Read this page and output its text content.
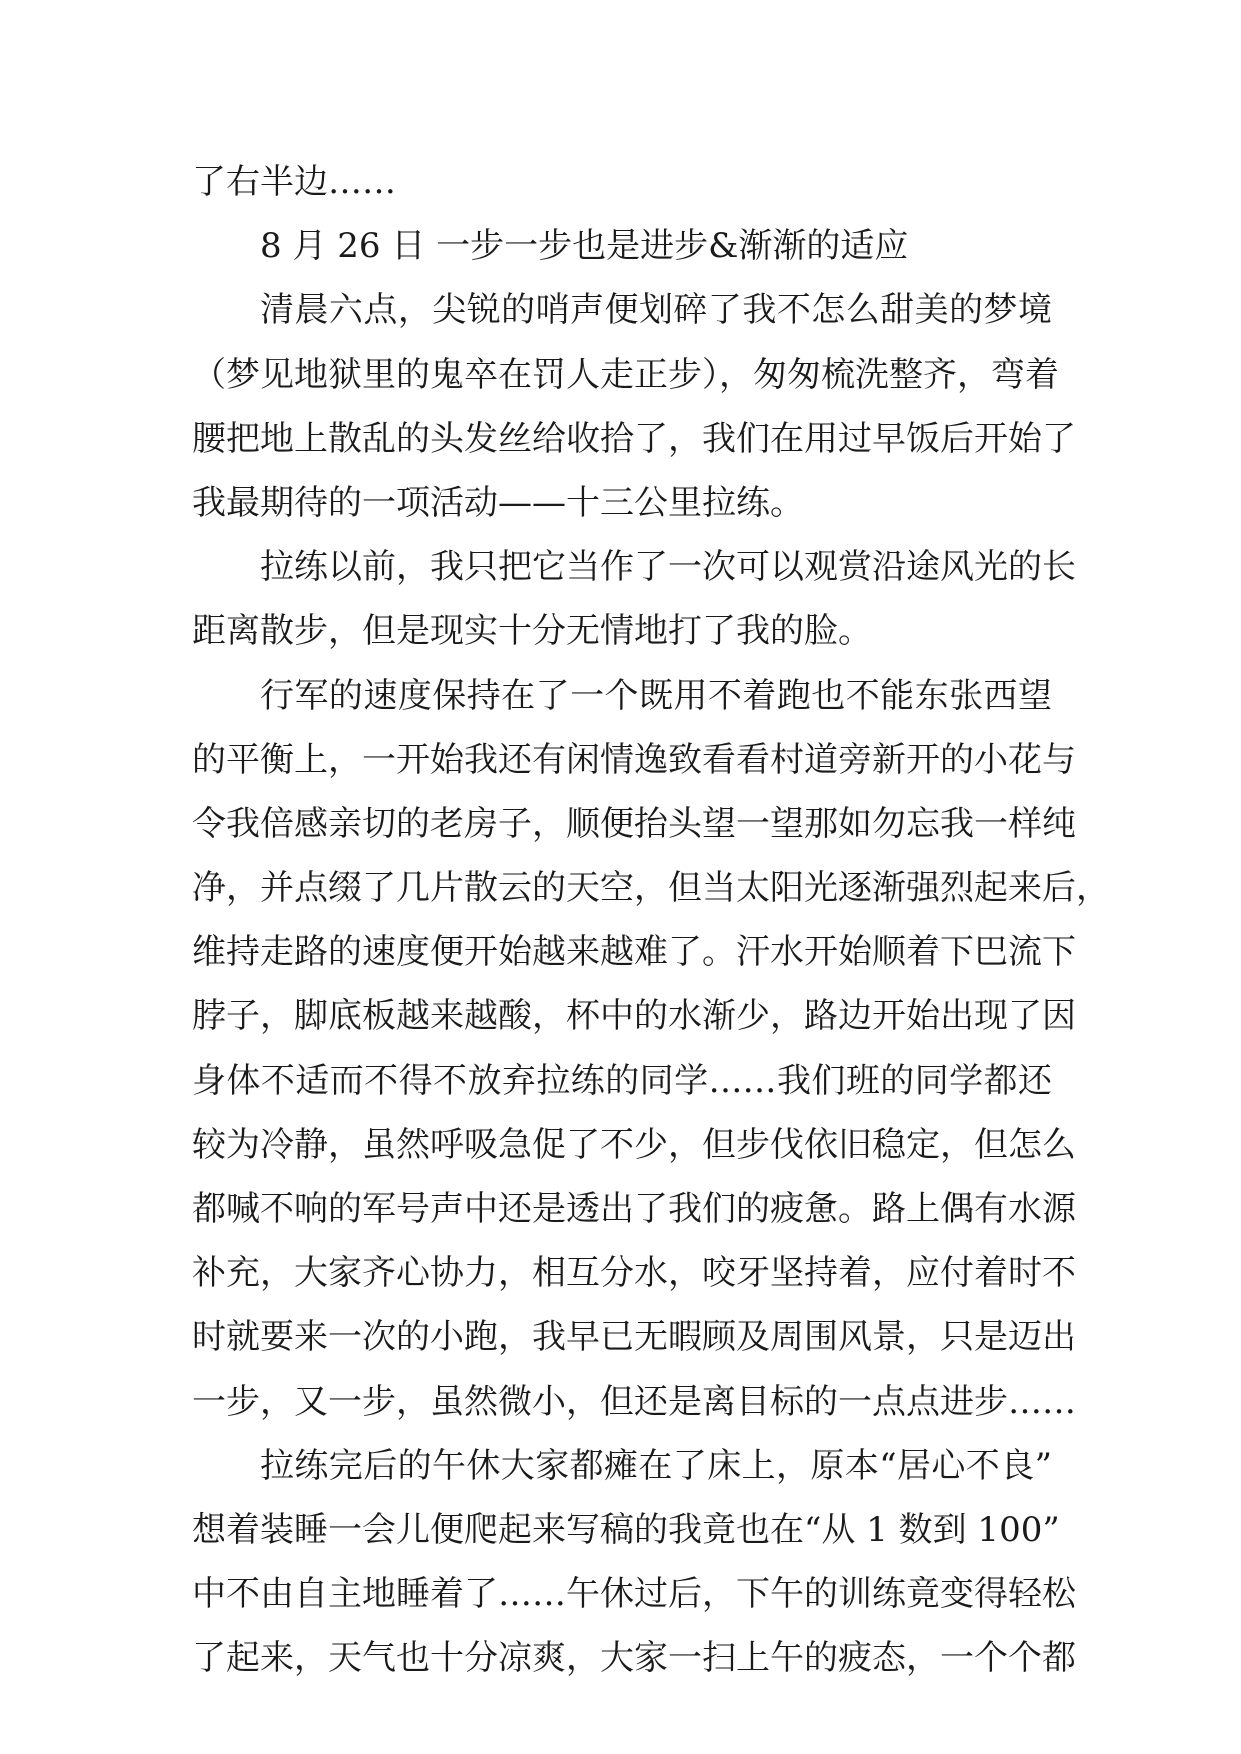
了右半边……
8 月 26 日 一步一步也是进步&渐渐的适应
清晨六点，尖锐的哨声便划碎了我不怎么甜美的梦境
（梦见地狱里的鬼卒在罚人走正步），匆匆梳洗整齐，弯着
腰把地上散乱的头发丝给收拾了，我们在用过早饭后开始了
我最期待的一项活动——十三公里拉练。
拉练以前，我只把它当作了一次可以观赏沿途风光的长
距离散步，但是现实十分无情地打了我的脸。
行军的速度保持在了一个既用不着跑也不能东张西望
的平衡上，一开始我还有闲情逸致看看村道旁新开的小花与
令我倍感亲切的老房子，顺便抬头望一望那如勿忘我一样纯
净，并点缀了几片散云的天空，但当太阳光逐渐强烈起来后，
维持走路的速度便开始越来越难了。汗水开始顺着下巴流下
脖子，脚底板越来越酸，杯中的水渐少，路边开始出现了因
身体不适而不得不放弃拉练的同学……我们班的同学都还
较为冷静，虽然呼吸急促了不少，但步伐依旧稳定，但怎么
都喊不响的军号声中还是透出了我们的疲惫。路上偶有水源
补充，大家齐心协力，相互分水，咬牙坚持着，应付着时不
时就要来一次的小跑，我早已无暇顾及周围风景，只是迈出
一步，又一步，虽然微小，但还是离目标的一点点进步……
拉练完后的午休大家都瘫在了床上，原本“居心不良”
想着装睡一会儿便爬起来写稿的我竟也在“从 1 数到 100”
中不由自主地睡着了……午休过后，下午的训练竟变得轻松
了起来，天气也十分凉爽，大家一扫上午的疲态，一个个都
